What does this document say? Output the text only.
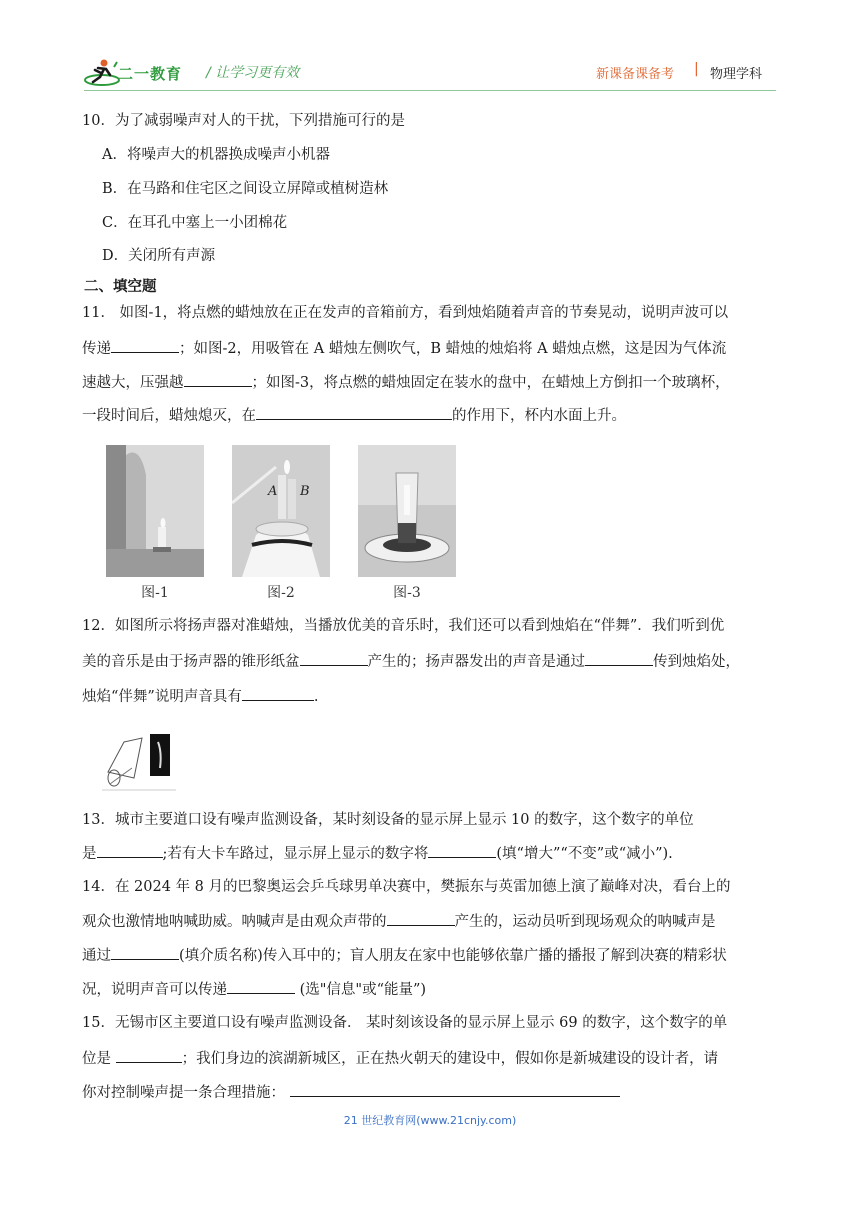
二一教育 / 让学习更有效	新课备课备考 | 物理学科
10．为了减弱噪声对人的干扰，下列措施可行的是
A．将噪声大的机器换成噪声小机器
B．在马路和住宅区之间设立屏障或植树造林
C．在耳孔中塞上一小团棉花
D．关闭所有声源
二、填空题
11． 如图-1，将点燃的蜡烛放在正在发声的音箱前方，看到烛焰随着声音的节奏晃动，说明声波可以
传递	；如图-2，用吸管在 A 蜡烛左侧吹气，B 蜡烛的烛焰将 A 蜡烛点燃，这是因为气体流
速越大，压强越	；如图-3，将点燃的蜡烛固定在装水的盘中，在蜡烛上方倒扣一个玻璃杯，
一段时间后，蜡烛熄灭，在	的作用下，杯内水面上升。
A B
图-1	图-2	图-3
12．如图所示将扬声器对准蜡烛，当播放优美的音乐时，我们还可以看到烛焰在“伴舞”．我们听到优
美的音乐是由于扬声器的锥形纸盆	产生的；扬声器发出的声音是通过	传到烛焰处，
烛焰“伴舞”说明声音具有	.
13．城市主要道口设有噪声监测设备，某时刻设备的显示屏上显示 10 的数字，这个数字的单位
是	;若有大卡车路过，显示屏上显示的数字将	(填“增大”“不变”或“减小”).
14．在 2024 年 8 月的巴黎奥运会乒乓球男单决赛中，樊振东与英雷加德上演了巅峰对决，看台上的
观众也激情地呐喊助威。呐喊声是由观众声带的	产生的，运动员听到现场观众的呐喊声是
通过	(填介质名称)传入耳中的；盲人朋友在家中也能够依靠广播的播报了解到决赛的精彩状
况，说明声音可以传递	(选"信息"或“能量”)
15．无锡市区主要道口设有噪声监测设备． 某时刻该设备的显示屏上显示 69 的数字，这个数字的单
位是	；我们身边的滨湖新城区，正在热火朝天的建设中，假如你是新城建设的设计者，请
你对控制噪声提一条合理措施：
21 世纪教育网(www.21cnjy.com)
